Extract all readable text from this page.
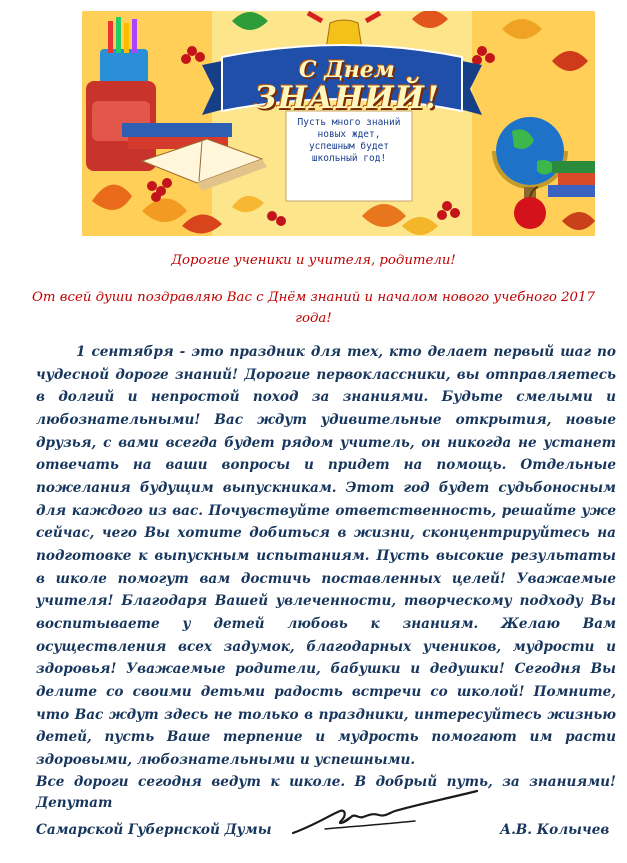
С Днем
ЗНАНИЙ!
Пусть много знаний новых ждет, успешным будет школьный год!
Дорогие ученики и учителя, родители!
От всей души поздравляю Вас с Днём знаний и началом нового учебного 2017 года!

1 сентября - это праздник для тех, кто делает первый шаг по чудесной дороге знаний! Дорогие первоклассники, вы отправляетесь в долгий и непростой поход за знаниями. Будьте смелыми и любознательными! Вас ждут удивительные открытия, новые друзья, с вами всегда будет рядом учитель, он никогда не устанет отвечать на ваши вопросы и придет на помощь. Отдельные пожелания будущим выпускникам. Этот год будет судьбоносным для каждого из вас. Почувствуйте ответственность, решайте уже сейчас, чего Вы хотите добиться в жизни, сконцентрируйтесь на подготовке к выпускным испытаниям. Пусть высокие результаты в школе помогут вам достичь поставленных целей! Уважаемые учителя! Благодаря Вашей увлеченности, творческому подходу Вы воспитываете у детей любовь к знаниям. Желаю Вам осуществления всех задумок, благодарных учеников, мудрости и здоровья! Уважаемые родители, бабушки и дедушки! Сегодня Вы делите со своими детьми радость встречи со школой! Помните, что Вас ждут здесь не только в праздники, интересуйтесь жизнью детей, пусть Ваше терпение и мудрость помогают им расти здоровыми, любознательными и успешными.

Все дороги сегодня ведут к школе. В добрый путь, за знаниями!

Депутат
Самарской Губернской Думы	А.В. Колычев
